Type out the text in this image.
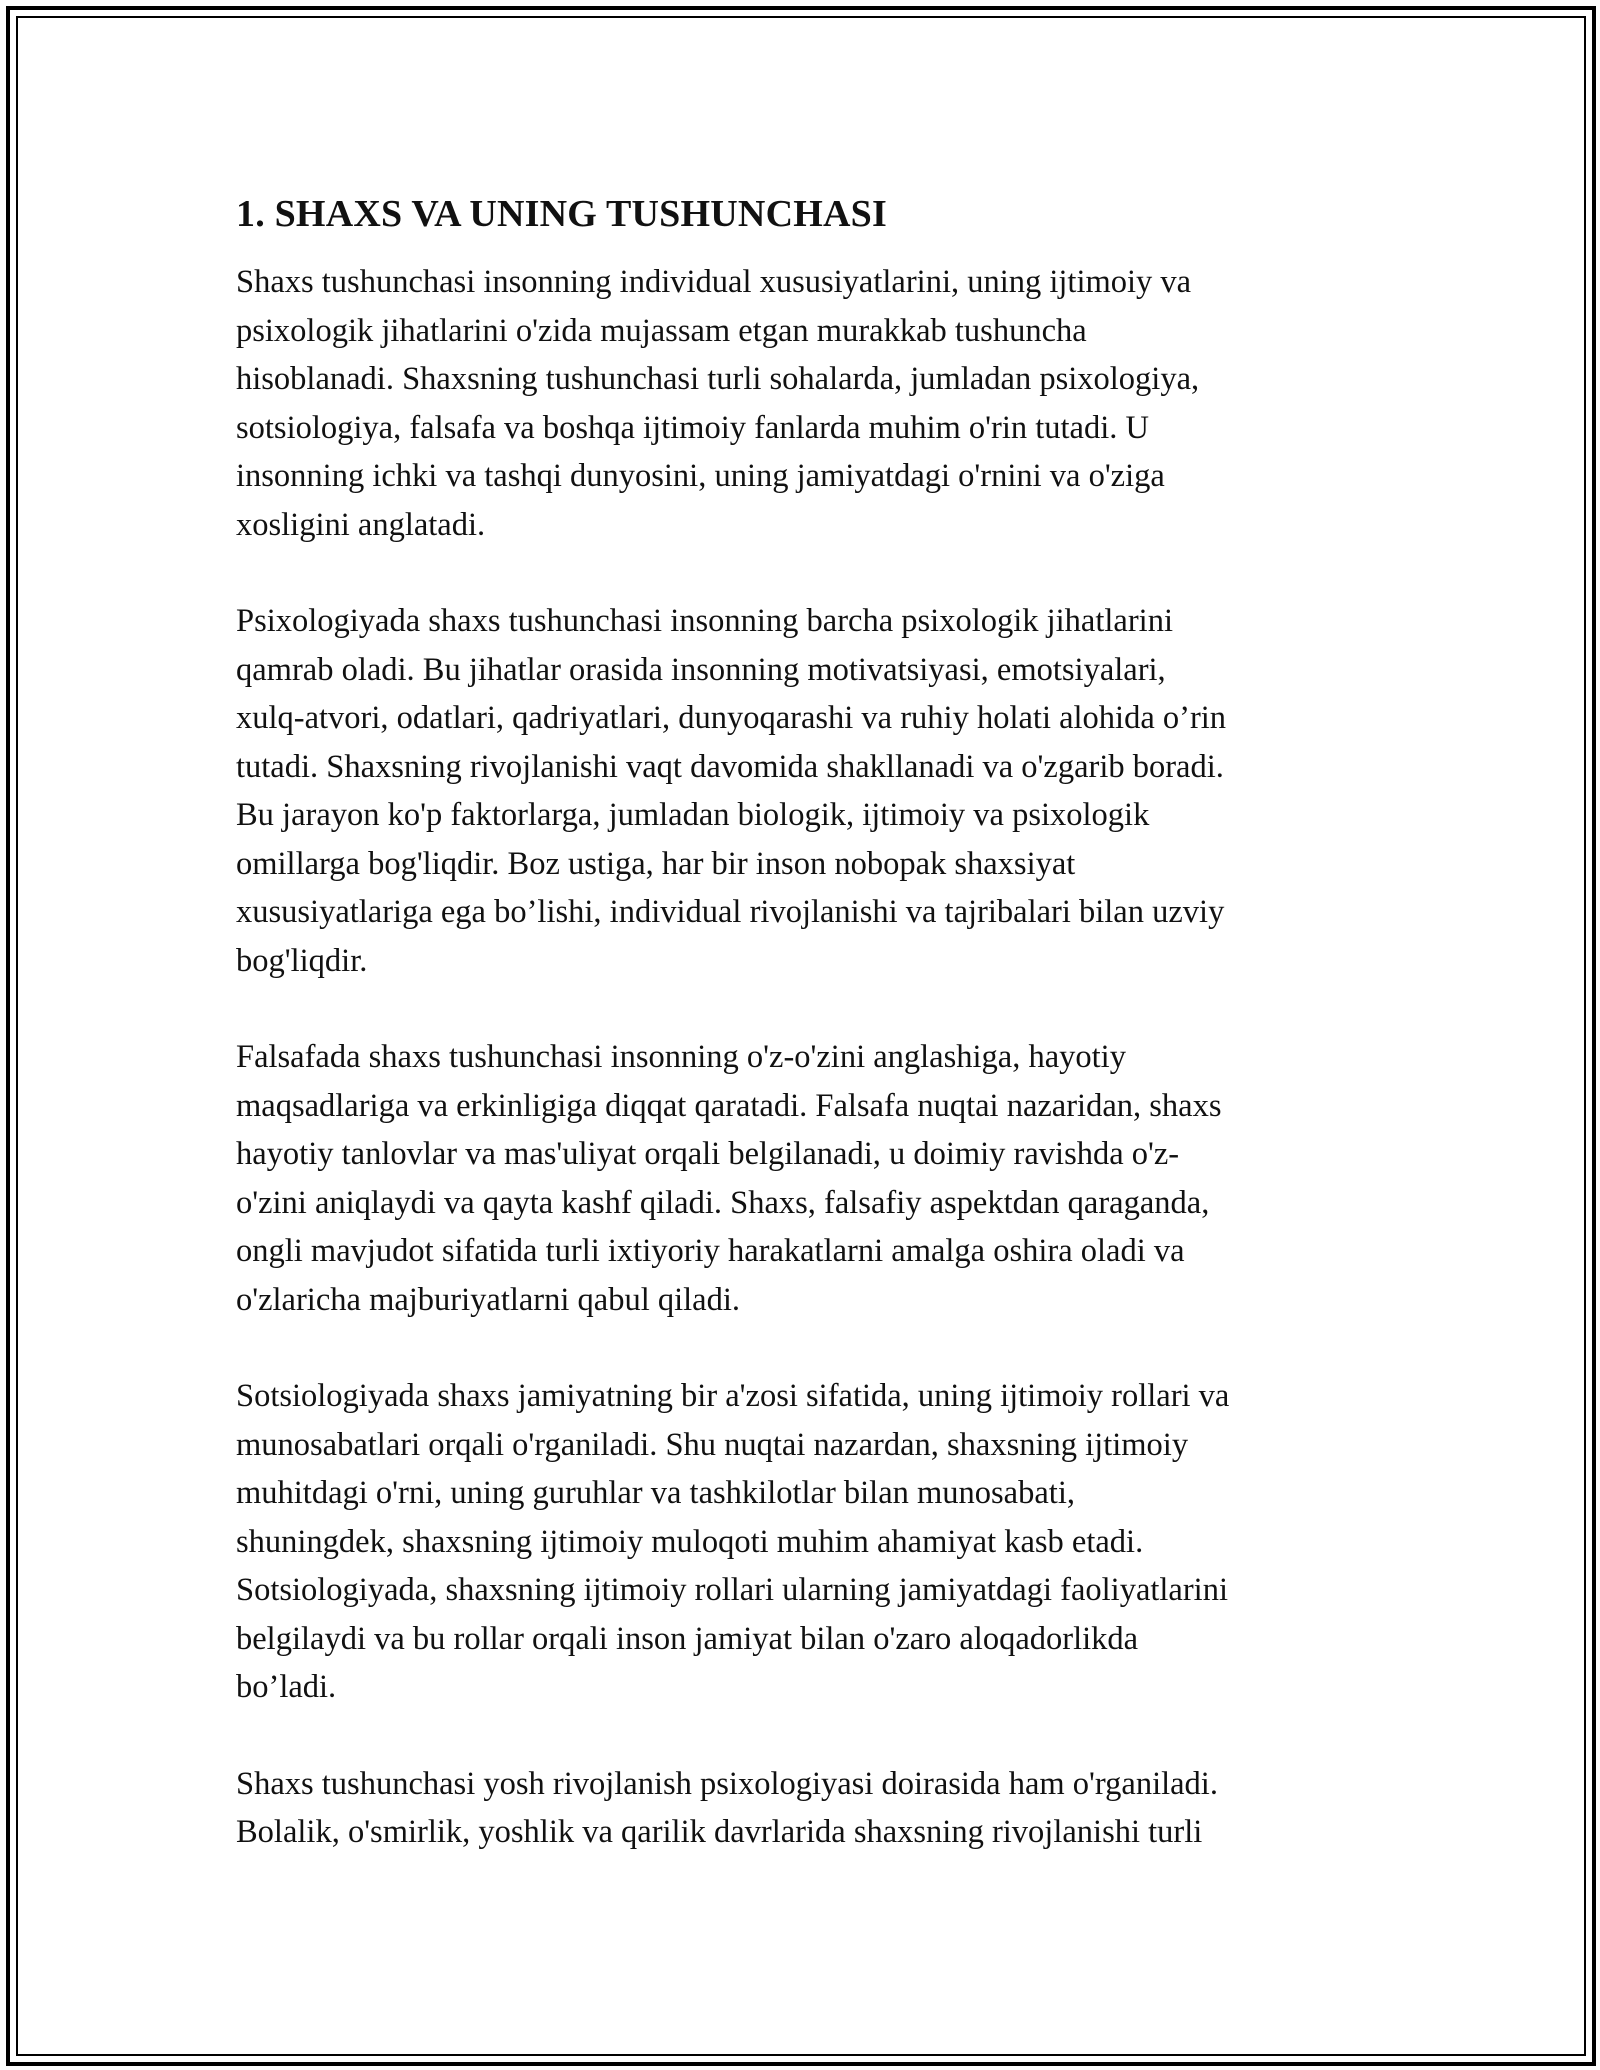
1. SHAXS VA UNING TUSHUNCHASI

Shaxs tushunchasi insonning individual xususiyatlarini, uning ijtimoiy va
psixologik jihatlarini o'zida mujassam etgan murakkab tushuncha
hisoblanadi. Shaxsning tushunchasi turli sohalarda, jumladan psixologiya,
sotsiologiya, falsafa va boshqa ijtimoiy fanlarda muhim o'rin tutadi. U
insonning ichki va tashqi dunyosini, uning jamiyatdagi o'rnini va o'ziga
xosligini anglatadi.

Psixologiyada shaxs tushunchasi insonning barcha psixologik jihatlarini
qamrab oladi. Bu jihatlar orasida insonning motivatsiyasi, emotsiyalari,
xulq-atvori, odatlari, qadriyatlari, dunyoqarashi va ruhiy holati alohida o’rin
tutadi. Shaxsning rivojlanishi vaqt davomida shakllanadi va o'zgarib boradi.
Bu jarayon ko'p faktorlarga, jumladan biologik, ijtimoiy va psixologik
omillarga bog'liqdir. Boz ustiga, har bir inson nobopak shaxsiyat
xususiyatlariga ega bo’lishi, individual rivojlanishi va tajribalari bilan uzviy
bog'liqdir.

Falsafada shaxs tushunchasi insonning o'z-o'zini anglashiga, hayotiy
maqsadlariga va erkinligiga diqqat qaratadi. Falsafa nuqtai nazaridan, shaxs
hayotiy tanlovlar va mas'uliyat orqali belgilanadi, u doimiy ravishda o'z-
o'zini aniqlaydi va qayta kashf qiladi. Shaxs, falsafiy aspektdan qaraganda,
ongli mavjudot sifatida turli ixtiyoriy harakatlarni amalga oshira oladi va
o'zlaricha majburiyatlarni qabul qiladi.

Sotsiologiyada shaxs jamiyatning bir a'zosi sifatida, uning ijtimoiy rollari va
munosabatlari orqali o'rganiladi. Shu nuqtai nazardan, shaxsning ijtimoiy
muhitdagi o'rni, uning guruhlar va tashkilotlar bilan munosabati,
shuningdek, shaxsning ijtimoiy muloqoti muhim ahamiyat kasb etadi.
Sotsiologiyada, shaxsning ijtimoiy rollari ularning jamiyatdagi faoliyatlarini
belgilaydi va bu rollar orqali inson jamiyat bilan o'zaro aloqadorlikda
bo’ladi.

Shaxs tushunchasi yosh rivojlanish psixologiyasi doirasida ham o'rganiladi.
Bolalik, o'smirlik, yoshlik va qarilik davrlarida shaxsning rivojlanishi turli
